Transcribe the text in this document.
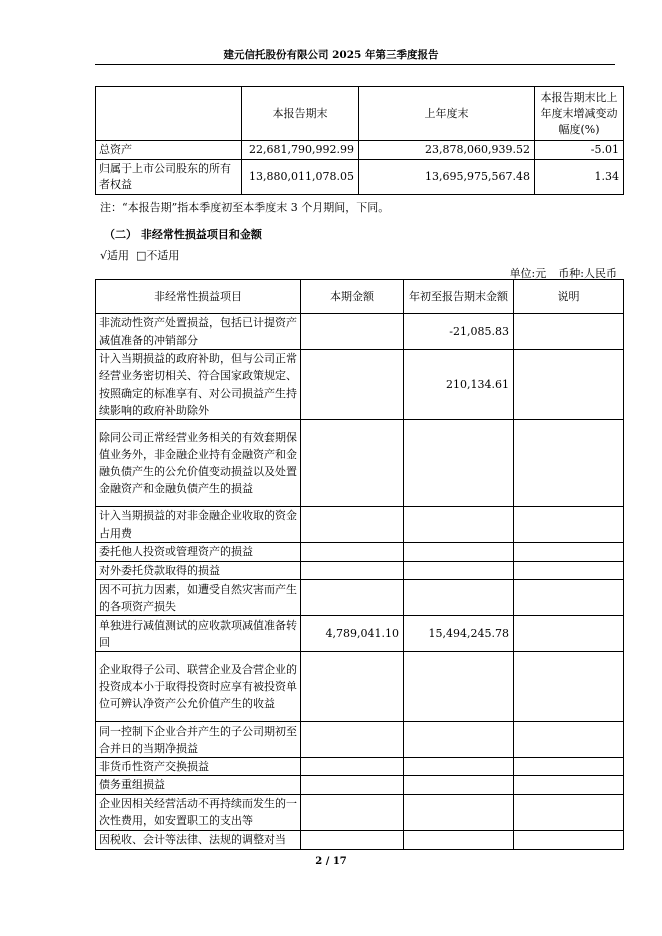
建元信托股份有限公司 2025 年第三季度报告
	本报告期末	上年度末	本报告期末比上年度末增减变动幅度(%)
总资产	22,681,790,992.99	23,878,060,939.52	-5.01
归属于上市公司股东的所有者权益	13,880,011,078.05	13,695,975,567.48	1.34
注：“本报告期”指本季度初至本季度末 3 个月期间，下同。
（二） 非经常性损益项目和金额
√适用 □不适用
单位:元 币种:人民币
非经常性损益项目	本期金额	年初至报告期末金额	说明
非流动性资产处置损益，包括已计提资产减值准备的冲销部分		-21,085.83	
计入当期损益的政府补助，但与公司正常经营业务密切相关、符合国家政策规定、按照确定的标准享有、对公司损益产生持续影响的政府补助除外		210,134.61	
除同公司正常经营业务相关的有效套期保值业务外，非金融企业持有金融资产和金融负债产生的公允价值变动损益以及处置金融资产和金融负债产生的损益			
计入当期损益的对非金融企业收取的资金占用费			
委托他人投资或管理资产的损益			
对外委托贷款取得的损益			
因不可抗力因素，如遭受自然灾害而产生的各项资产损失			
单独进行减值测试的应收款项减值准备转回	4,789,041.10	15,494,245.78	
企业取得子公司、联营企业及合营企业的投资成本小于取得投资时应享有被投资单位可辨认净资产公允价值产生的收益			
同一控制下企业合并产生的子公司期初至合并日的当期净损益			
非货币性资产交换损益			
债务重组损益			
企业因相关经营活动不再持续而发生的一次性费用，如安置职工的支出等			
因税收、会计等法律、法规的调整对当			
2 / 17
